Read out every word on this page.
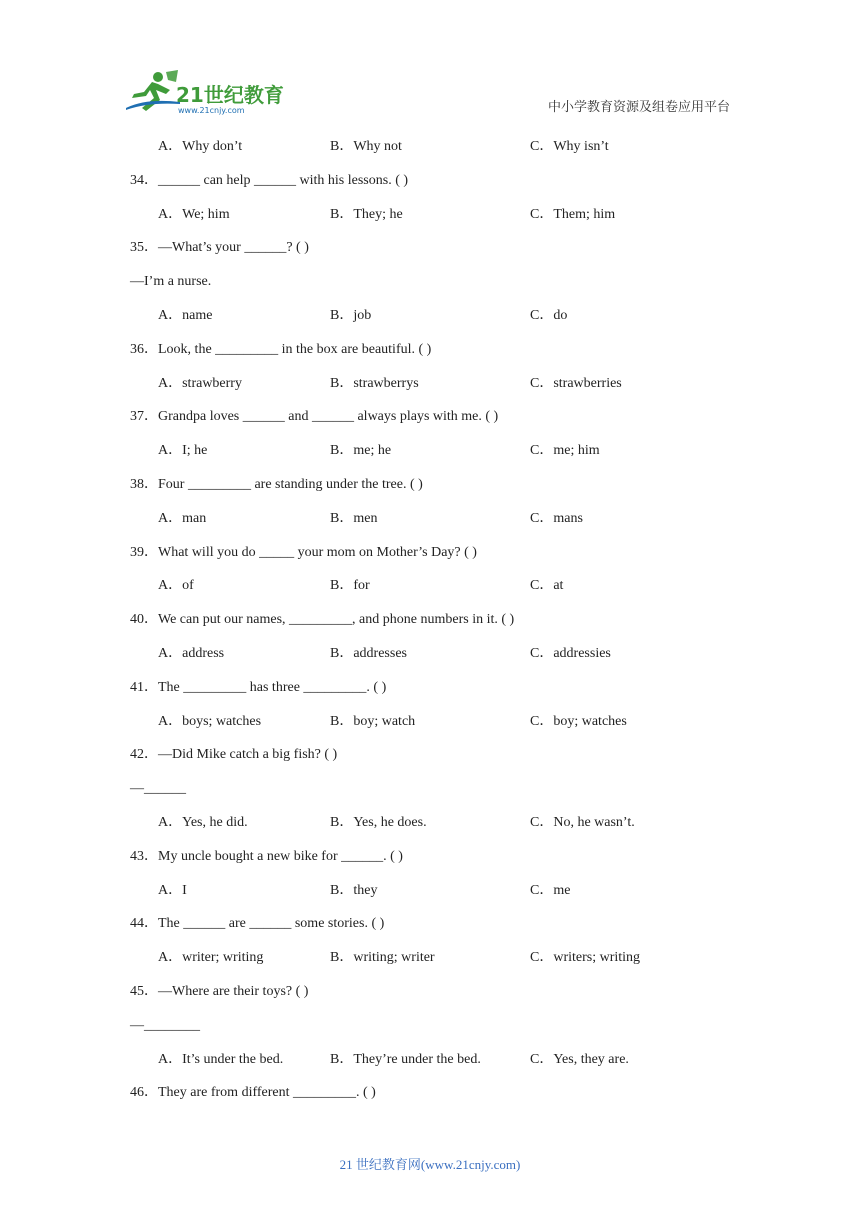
21世纪教育
www.21cnjy.com	中小学教育资源及组卷应用平台
A．Why don’t	B．Why not	C．Why isn’t
34．______ can help ______ with his lessons. ( )
A．We; him	B．They; he	C．Them; him
35．—What’s your ______? ( )
—I’m a nurse.
A．name	B．job	C．do
36．Look, the _________ in the box are beautiful. ( )
A．strawberry	B．strawberrys	C．strawberries
37．Grandpa loves ______ and ______ always plays with me. ( )
A．I; he	B．me; he	C．me; him
38．Four _________ are standing under the tree. ( )
A．man	B．men	C．mans
39．What will you do _____ your mom on Mother’s Day? ( )
A．of	B．for	C．at
40．We can put our names, _________, and phone numbers in it. ( )
A．address	B．addresses	C．addressies
41．The _________ has three _________. ( )
A．boys; watches	B．boy; watch	C．boy; watches
42．—Did Mike catch a big fish? ( )
—______
A．Yes, he did.	B．Yes, he does.	C．No, he wasn’t.
43．My uncle bought a new bike for ______. ( )
A．I	B．they	C．me
44．The ______ are ______ some stories. ( )
A．writer; writing	B．writing; writer	C．writers; writing
45．—Where are their toys? ( )
—________
A．It’s under the bed.	B．They’re under the bed.	C．Yes, they are.
46．They are from different _________. ( )
21 世纪教育网(www.21cnjy.com)
